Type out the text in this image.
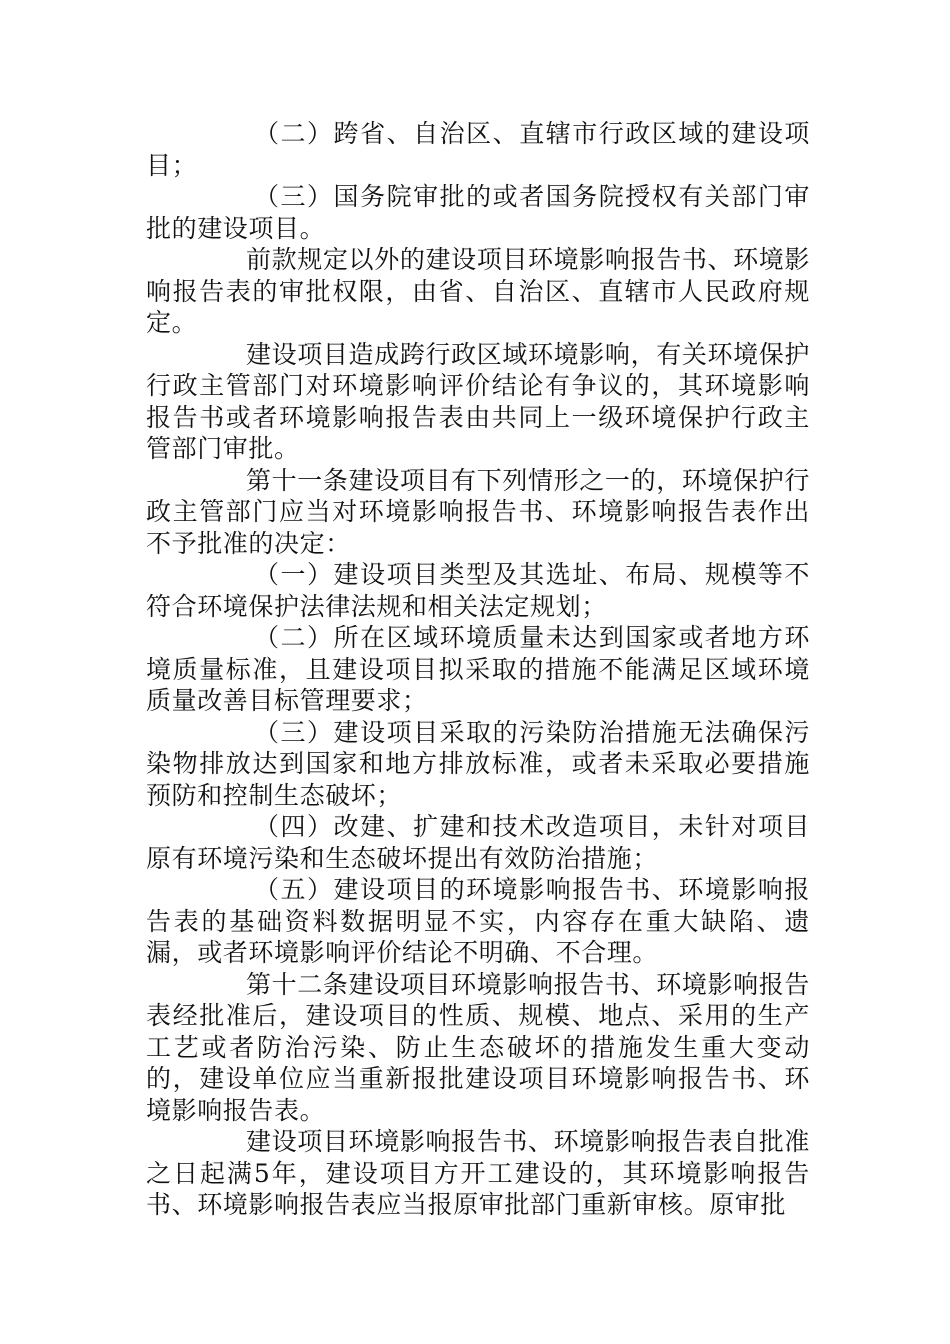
（二）跨省、自治区、直辖市行政区域的建设项目；

（三）国务院审批的或者国务院授权有关部门审批的建设项目。

前款规定以外的建设项目环境影响报告书、环境影响报告表的审批权限，由省、自治区、直辖市人民政府规定。

建设项目造成跨行政区域环境影响，有关环境保护行政主管部门对环境影响评价结论有争议的，其环境影响报告书或者环境影响报告表由共同上一级环境保护行政主管部门审批。

第十一条建设项目有下列情形之一的，环境保护行政主管部门应当对环境影响报告书、环境影响报告表作出不予批准的决定：

（一）建设项目类型及其选址、布局、规模等不符合环境保护法律法规和相关法定规划；

（二）所在区域环境质量未达到国家或者地方环境质量标准，且建设项目拟采取的措施不能满足区域环境质量改善目标管理要求；

（三）建设项目采取的污染防治措施无法确保污染物排放达到国家和地方排放标准，或者未采取必要措施预防和控制生态破坏；

（四）改建、扩建和技术改造项目，未针对项目原有环境污染和生态破坏提出有效防治措施；

（五）建设项目的环境影响报告书、环境影响报告表的基础资料数据明显不实，内容存在重大缺陷、遗漏，或者环境影响评价结论不明确、不合理。

第十二条建设项目环境影响报告书、环境影响报告表经批准后，建设项目的性质、规模、地点、采用的生产工艺或者防治污染、防止生态破坏的措施发生重大变动的，建设单位应当重新报批建设项目环境影响报告书、环境影响报告表。

建设项目环境影响报告书、环境影响报告表自批准之日起满5年，建设项目方开工建设的，其环境影响报告书、环境影响报告表应当报原审批部门重新审核。原审批
